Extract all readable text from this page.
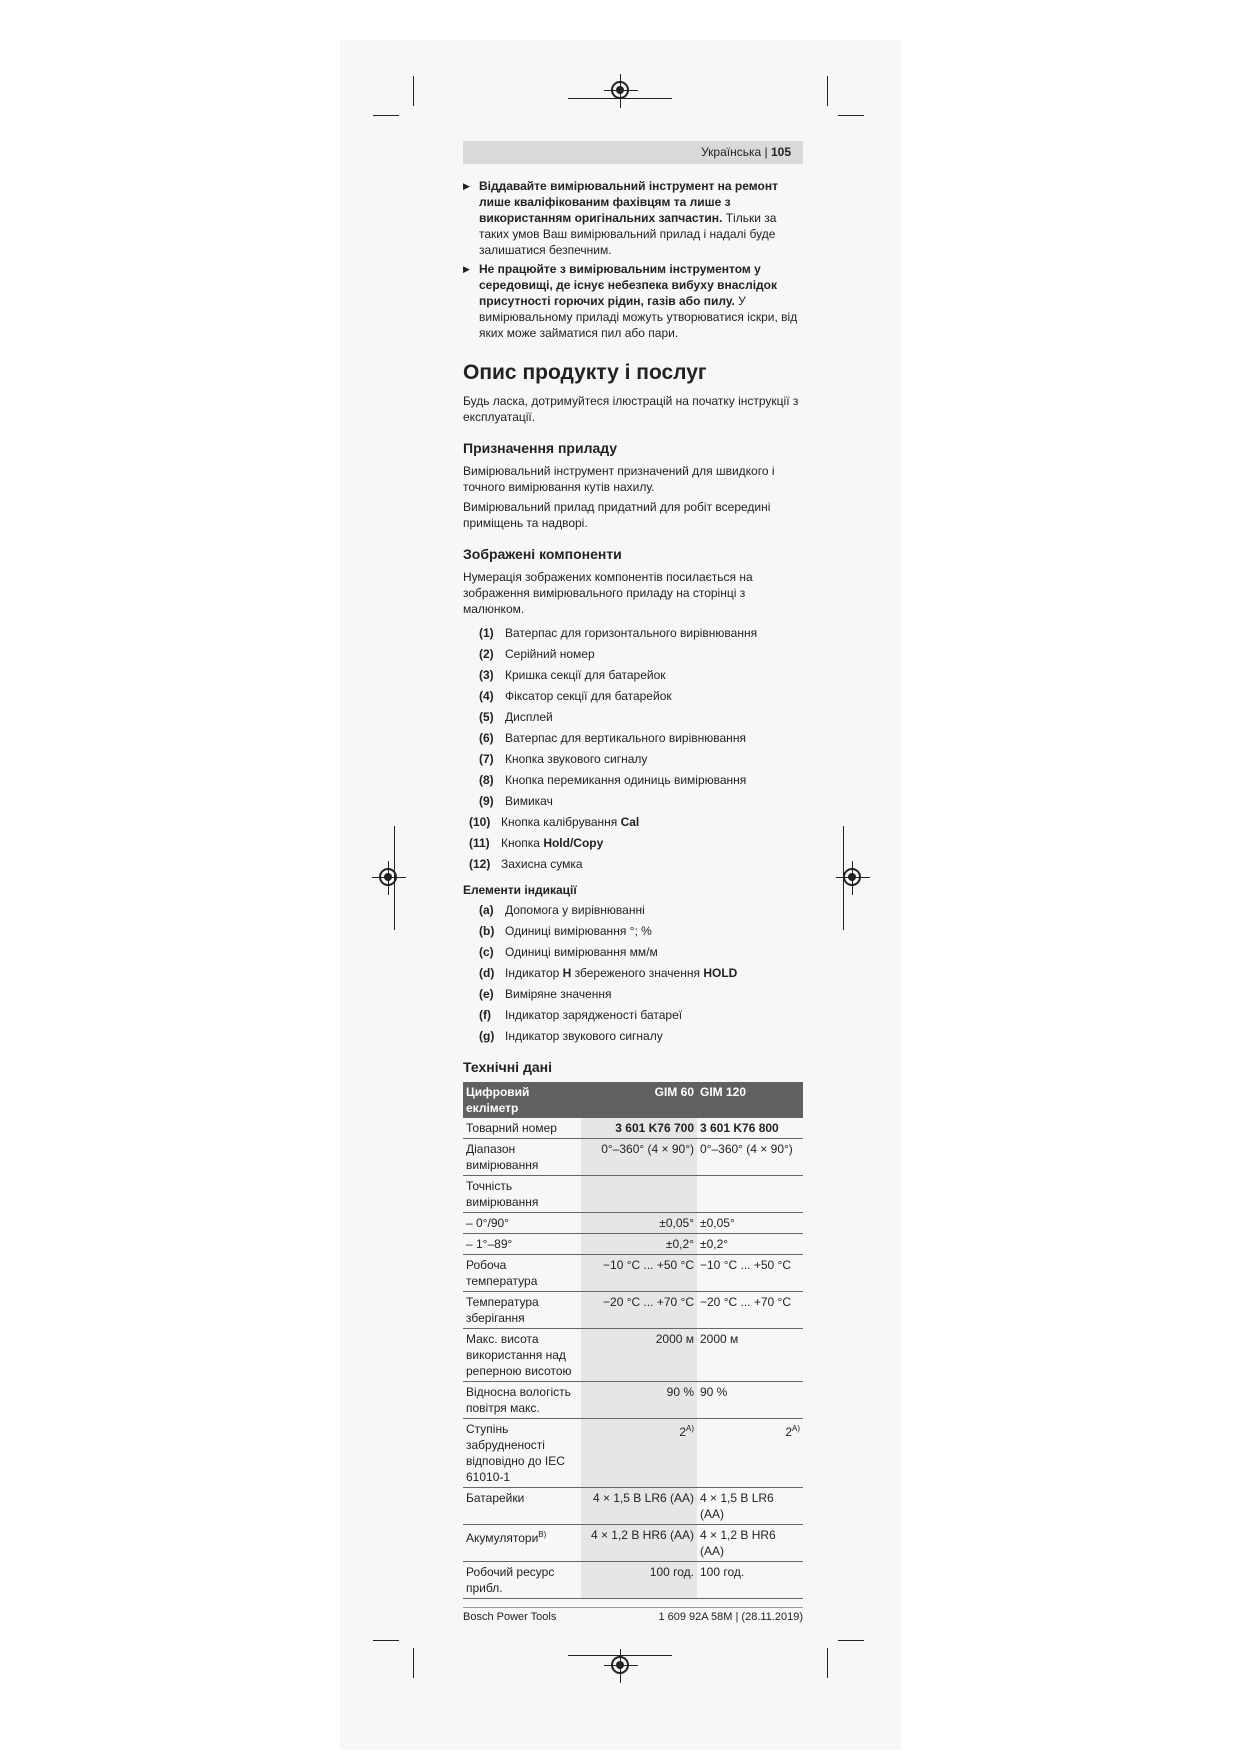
Українська | 105
▶ Віддавайте вимірювальний інструмент на ремонт лише кваліфікованим фахівцям та лише з використанням оригінальних запчастин. Тільки за таких умов Ваш вимірювальний прилад і надалі буде залишатися безпечним.
▶ Не працюйте з вимірювальним інструментом у середовищі, де існує небезпека вибуху внаслідок присутності горючих рідин, газів або пилу. У вимірювальному приладі можуть утворюватися іскри, від яких може займатися пил або пари.
Опис продукту і послуг

Будь ласка, дотримуйтеся ілюстрацій на початку інструкції з експлуатації.

Призначення приладу

Вимірювальний інструмент призначений для швидкого і точного вимірювання кутів нахилу.

Вимірювальний прилад придатний для робіт всередині приміщень та надворі.

Зображені компоненти

Нумерація зображених компонентів посилається на зображення вимірювального приладу на сторінці з малюнком.

(1) Ватерпас для горизонтального вирівнювання
(2) Серійний номер
(3) Кришка секції для батарейок
(4) Фіксатор секції для батарейок
(5) Дисплей
(6) Ватерпас для вертикального вирівнювання
(7) Кнопка звукового сигналу
(8) Кнопка перемикання одиниць вимірювання
(9) Вимикач
(10) Кнопка калібрування Cal
(11) Кнопка Hold/Copy
(12) Захисна сумка
Елементи індикації
(a) Допомога у вирівнюванні
(b) Одиниці вимірювання °; %
(c) Одиниці вимірювання мм/м
(d) Індикатор H збереженого значення HOLD
(e) Виміряне значення
(f)	Індикатор зарядженості батареї
(g) Індикатор звукового сигналу
Технічні дані
Цифровий екліметр	GIM 60	GIM 120
Товарний номер	3 601 K76 700	3 601 K76 800
Діапазон вимірювання	0°–360° (4 × 90°)	0°–360° (4 × 90°)
Точність вимірювання		
– 0°/90°	±0,05°	±0,05°
– 1°–89°	±0,2°	±0,2°
Робоча температура	−10 °C ... +50 °C	−10 °C ... +50 °C
Температура зберігання	−20 °C ... +70 °C	−20 °C ... +70 °C
Макс. висота використання над реперною висотою	2000 м	2000 м
Відносна вологість повітря макс.	90 %	90 %
Ступінь забрудненості відповідно до IEC 61010-1	$2^{A)}$	$2^{A)}$
Батарейки	4 × 1,5 В LR6 (AA)	4 × 1,5 В LR6 (AA)
Акумулятори$^{B)}$	4 × 1,2 В HR6 (AA)	4 × 1,2 В HR6 (AA)
Робочий ресурс прибл.	100 год.	100 год.
Bosch Power Tools	1 609 92A 58M | (28.11.2019)
